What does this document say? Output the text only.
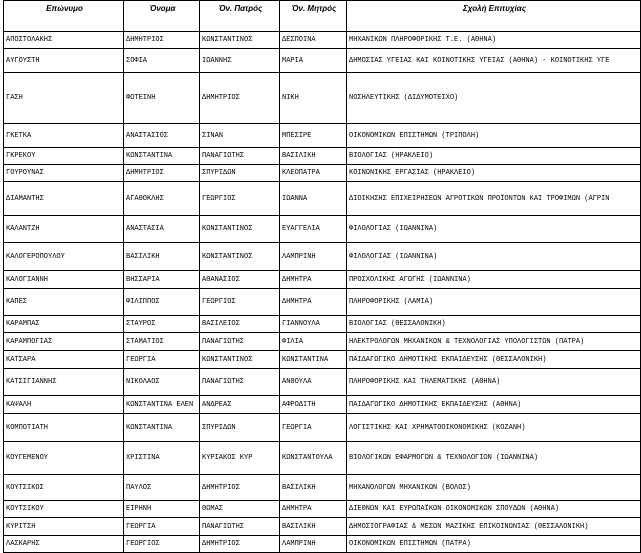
Επώνυμο	Όνομα	Όν. Πατρός	Όν. Μητρός	Σχολή Επιτυχίας
ΑΠΟΣΤΟΛΑΚΗΣ	ΔΗΜΗΤΡΙΟΣ	ΚΩΝΣΤΑΝΤΙΝΟΣ	ΔΕΣΠΟΙΝΑ	ΜΗΧΑΝΙΚΩΝ ΠΛΗΡΟΦΟΡΙΚΗΣ Τ.Ε. (ΑΘΗΝΑ)
ΑΥΓΟΥΣΤΗ	ΣΟΦΙΑ	ΙΩΑΝΝΗΣ	ΜΑΡΙΑ	ΔΗΜΟΣΙΑΣ ΥΓΕΙΑΣ ΚΑΙ ΚΟΙΝΟΤΙΚΗΣ ΥΓΕΙΑΣ (ΑΘΗΝΑ) - ΚΟΙΝΟΤΙΚΗΣ ΥΓΕ
ΓΑΣΗ	ΦΩΤΕΙΝΗ	ΔΗΜΗΤΡΙΟΣ	ΝΙΚΗ	ΝΟΣΗΛΕΥΤΙΚΗΣ (ΔΙΔΥΜΟΤΕΙΧΟ)
ΓΚΕΤΚΑ	ΑΝΑΣΤΑΣΙΟΣ	ΣΙΝΑΝ	ΜΠΕΣΙΡΕ	ΟΙΚΟΝΟΜΙΚΩΝ ΕΠΙΣΤΗΜΩΝ (ΤΡΙΠΟΛΗ)
ΓΚΡΕΚΟΥ	ΚΩΝΣΤΑΝΤΙΝΑ	ΠΑΝΑΓΙΩΤΗΣ	ΒΑΣΙΛΙΚΗ	ΒΙΟΛΟΓΙΑΣ (ΗΡΑΚΛΕΙΟ)
ΓΟΥΡΟΥΝΑΣ	ΔΗΜΗΤΡΙΟΣ	ΣΠΥΡΙΔΩΝ	ΚΛΕΟΠΑΤΡΑ	ΚΟΙΝΩΝΙΚΗΣ ΕΡΓΑΣΙΑΣ (ΗΡΑΚΛΕΙΟ)
ΔΙΑΜΑΝΤΗΣ	ΑΓΑΘΟΚΛΗΣ	ΓΕΩΡΓΙΟΣ	ΙΩΑΝΝΑ	ΔΙΟΙΚΗΣΗΣ ΕΠΙΧΕΙΡΗΣΕΩΝ ΑΓΡΟΤΙΚΩΝ ΠΡΟΪΟΝΤΩΝ ΚΑΙ ΤΡΟΦΙΜΩΝ (ΑΓΡΙΝ
ΚΑΛΑΝΤΖΗ	ΑΝΑΣΤΑΣΙΑ	ΚΩΝΣΤΑΝΤΙΝΟΣ	ΕΥΑΓΓΕΛΙΑ	ΦΙΛΟΛΟΓΙΑΣ (ΙΩΑΝΝΙΝΑ)
ΚΑΛΟΓΕΡΟΠΟΥΛΟΥ	ΒΑΣΙΛΙΚΗ	ΚΩΝΣΤΑΝΤΙΝΟΣ	ΛΑΜΠΡΙΝΗ	ΦΙΛΟΛΟΓΙΑΣ (ΙΩΑΝΝΙΝΑ)
ΚΑΛΟΓΙΑΝΝΗ	ΒΗΣΣΑΡΙΑ	ΑΘΑΝΑΣΙΟΣ	ΔΗΜΗΤΡΑ	ΠΡΟΣΧΟΛΙΚΗΣ ΑΓΩΓΗΣ (ΙΩΑΝΝΙΝΑ)
ΚΑΠΕΣ	ΦΙΛΙΠΠΟΣ	ΓΕΩΡΓΙΟΣ	ΔΗΜΗΤΡΑ	ΠΛΗΡΟΦΟΡΙΚΗΣ (ΛΑΜΙΑ)
ΚΑΡΑΜΠΑΣ	ΣΤΑΥΡΟΣ	ΒΑΣΙΛΕΙΟΣ	ΓΙΑΝΝΟΥΛΑ	ΒΙΟΛΟΓΙΑΣ (ΘΕΣΣΑΛΟΝΙΚΗ)
ΚΑΡΑΜΠΟΓΙΑΣ	ΣΤΑΜΑΤΙΟΣ	ΠΑΝΑΓΙΩΤΗΣ	ΦΙΛΙΑ	ΗΛΕΚΤΡΟΛΟΓΩΝ ΜΗΧΑΝΙΚΩΝ & ΤΕΧΝΟΛΟΓΙΑΣ ΥΠΟΛΟΓΙΣΤΩΝ (ΠΑΤΡΑ)
ΚΑΤΣΑΡΑ	ΓΕΩΡΓΙΑ	ΚΩΝΣΤΑΝΤΙΝΟΣ	ΚΩΝΣΤΑΝΤΙΝΑ	ΠΑΙΔΑΓΩΓΙΚΟ ΔΗΜΟΤΙΚΗΣ ΕΚΠΑΙΔΕΥΣΗΣ (ΘΕΣΣΑΛΟΝΙΚΗ)
ΚΑΤΣΙΓΙΑΝΝΗΣ	ΝΙΚΟΛΑΟΣ	ΠΑΝΑΓΙΩΤΗΣ	ΑΝΘΟΥΛΑ	ΠΛΗΡΟΦΟΡΙΚΗΣ ΚΑΙ ΤΗΛΕΜΑΤΙΚΗΣ (ΑΘΗΝΑ)
ΚΑΨΑΛΗ	ΚΩΝΣΤΑΝΤΙΝΑ ΕΛΕΝ	ΑΝΔΡΕΑΣ	ΑΦΡΟΔΙΤΗ	ΠΑΙΔΑΓΩΓΙΚΟ ΔΗΜΟΤΙΚΗΣ ΕΚΠΑΙΔΕΥΣΗΣ (ΑΘΗΝΑ)
ΚΟΜΠΟΤΙΑΤΗ	ΚΩΝΣΤΑΝΤΙΝΑ	ΣΠΥΡΙΔΩΝ	ΓΕΩΡΓΙΑ	ΛΟΓΙΣΤΙΚΗΣ ΚΑΙ ΧΡΗΜΑΤΟΟΙΚΟΝΟΜΙΚΗΣ (ΚΟΖΑΝΗ)
ΚΟΥΓΕΜΕΝΟΥ	ΧΡΙΣΤΙΝΑ	ΚΥΡΙΑΚΟΣ ΚΥΡ	ΚΩΝΣΤΑΝΤΟΥΛΑ	ΒΙΟΛΟΓΙΚΩΝ ΕΦΑΡΜΟΓΩΝ & ΤΕΧΝΟΛΟΓΙΩΝ (ΙΩΑΝΝΙΝΑ)
ΚΟΥΤΣΙΚΟΣ	ΠΑΥΛΟΣ	ΔΗΜΗΤΡΙΟΣ	ΒΑΣΙΛΙΚΗ	ΜΗΧΑΝΟΛΟΓΩΝ ΜΗΧΑΝΙΚΩΝ (ΒΟΛΟΣ)
ΚΟΥΤΣΙΚΟΥ	ΕΙΡΗΝΗ	ΘΩΜΑΣ	ΔΗΜΗΤΡΑ	ΔΙΕΘΝΩΝ ΚΑΙ ΕΥΡΩΠΑΪΚΩΝ ΟΙΚΟΝΟΜΙΚΩΝ ΣΠΟΥΔΩΝ (ΑΘΗΝΑ)
ΚΥΡΙΤΣΗ	ΓΕΩΡΓΙΑ	ΠΑΝΑΓΙΩΤΗΣ	ΒΑΣΙΛΙΚΗ	ΔΗΜΟΣΙΟΓΡΑΦΙΑΣ & ΜΕΣΩΝ ΜΑΖΙΚΗΣ ΕΠΙΚΟΙΝΩΝΙΑΣ (ΘΕΣΣΑΛΟΝΙΚΗ)
ΛΑΣΚΑΡΗΣ	ΓΕΩΡΓΙΟΣ	ΔΗΜΗΤΡΙΟΣ	ΛΑΜΠΡΙΝΗ	ΟΙΚΟΝΟΜΙΚΩΝ ΕΠΙΣΤΗΜΩΝ (ΠΑΤΡΑ)
